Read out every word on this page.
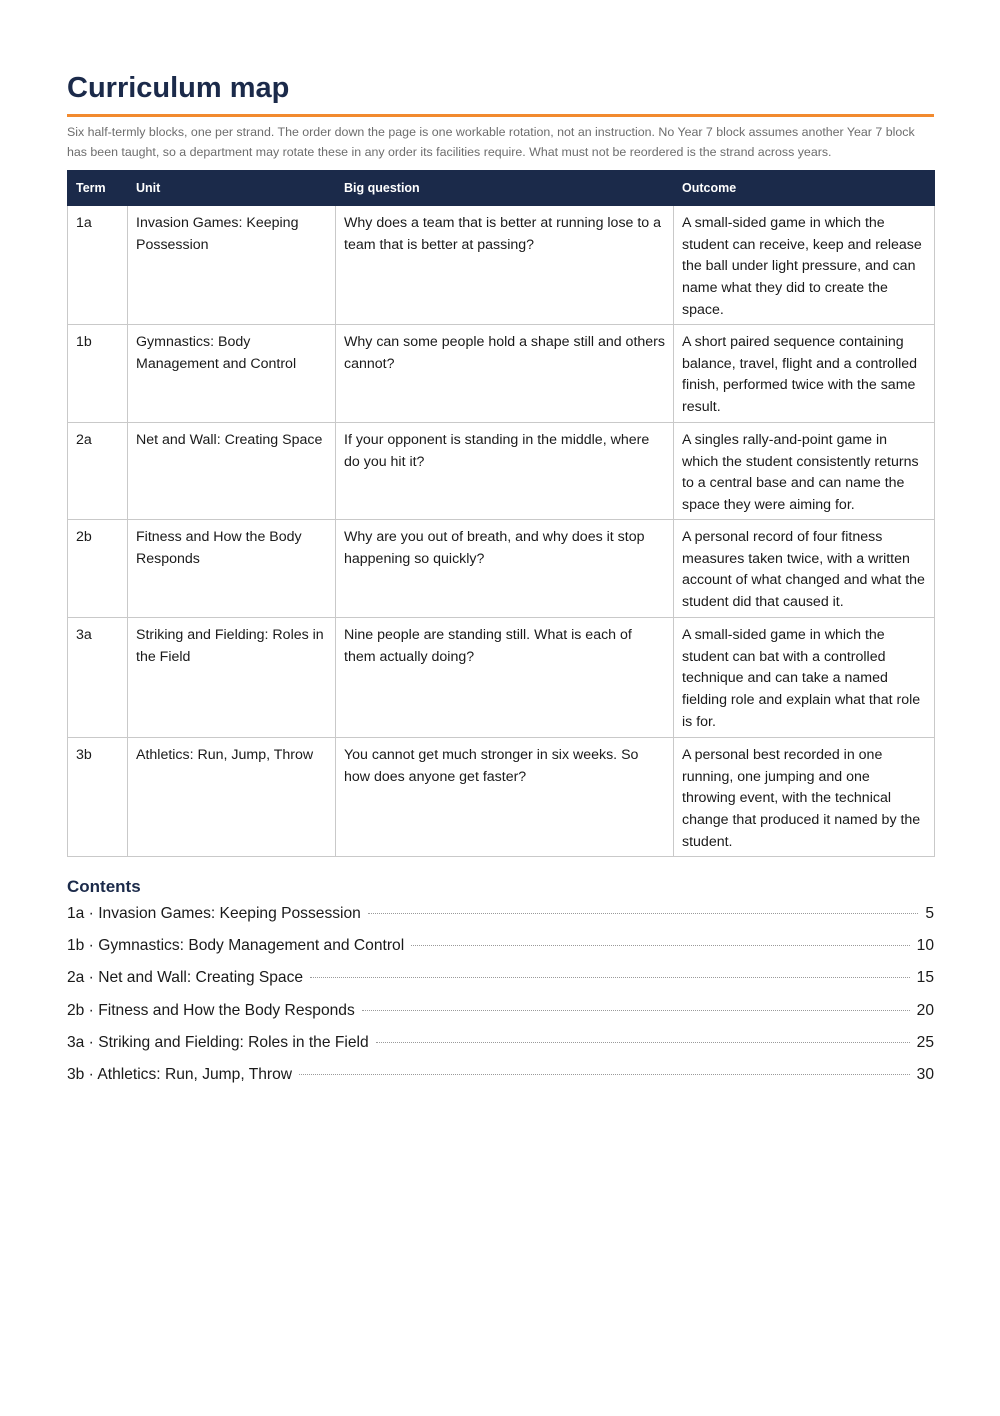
Curriculum map

Six half-termly blocks, one per strand. The order down the page is one workable rotation, not an instruction. No Year 7 block assumes another Year 7 block has been taught, so a department may rotate these in any order its facilities require. What must not be reordered is the strand across years.

Term	Unit	Big question	Outcome
1a	Invasion Games: Keeping Possession	Why does a team that is better at running lose to a team that is better at passing?	A small-sided game in which the student can receive, keep and release the ball under light pressure, and can name what they did to create the space.
1b	Gymnastics: Body Management and Control	Why can some people hold a shape still and others cannot?	A short paired sequence containing balance, travel, flight and a controlled finish, performed twice with the same result.
2a	Net and Wall: Creating Space	If your opponent is standing in the middle, where do you hit it?	A singles rally-and-point game in which the student consistently returns to a central base and can name the space they were aiming for.
2b	Fitness and How the Body Responds	Why are you out of breath, and why does it stop happening so quickly?	A personal record of four fitness measures taken twice, with a written account of what changed and what the student did that caused it.
3a	Striking and Fielding: Roles in the Field	Nine people are standing still. What is each of them actually doing?	A small-sided game in which the student can bat with a controlled technique and can take a named fielding role and explain what that role is for.
3b	Athletics: Run, Jump, Throw	You cannot get much stronger in six weeks. So how does anyone get faster?	A personal best recorded in one running, one jumping and one throwing event, with the technical change that produced it named by the student.
Contents
1a · Invasion Games: Keeping Possession	5
1b · Gymnastics: Body Management and Control	10
2a · Net and Wall: Creating Space	15
2b · Fitness and How the Body Responds	20
3a · Striking and Fielding: Roles in the Field	25
3b · Athletics: Run, Jump, Throw	30
